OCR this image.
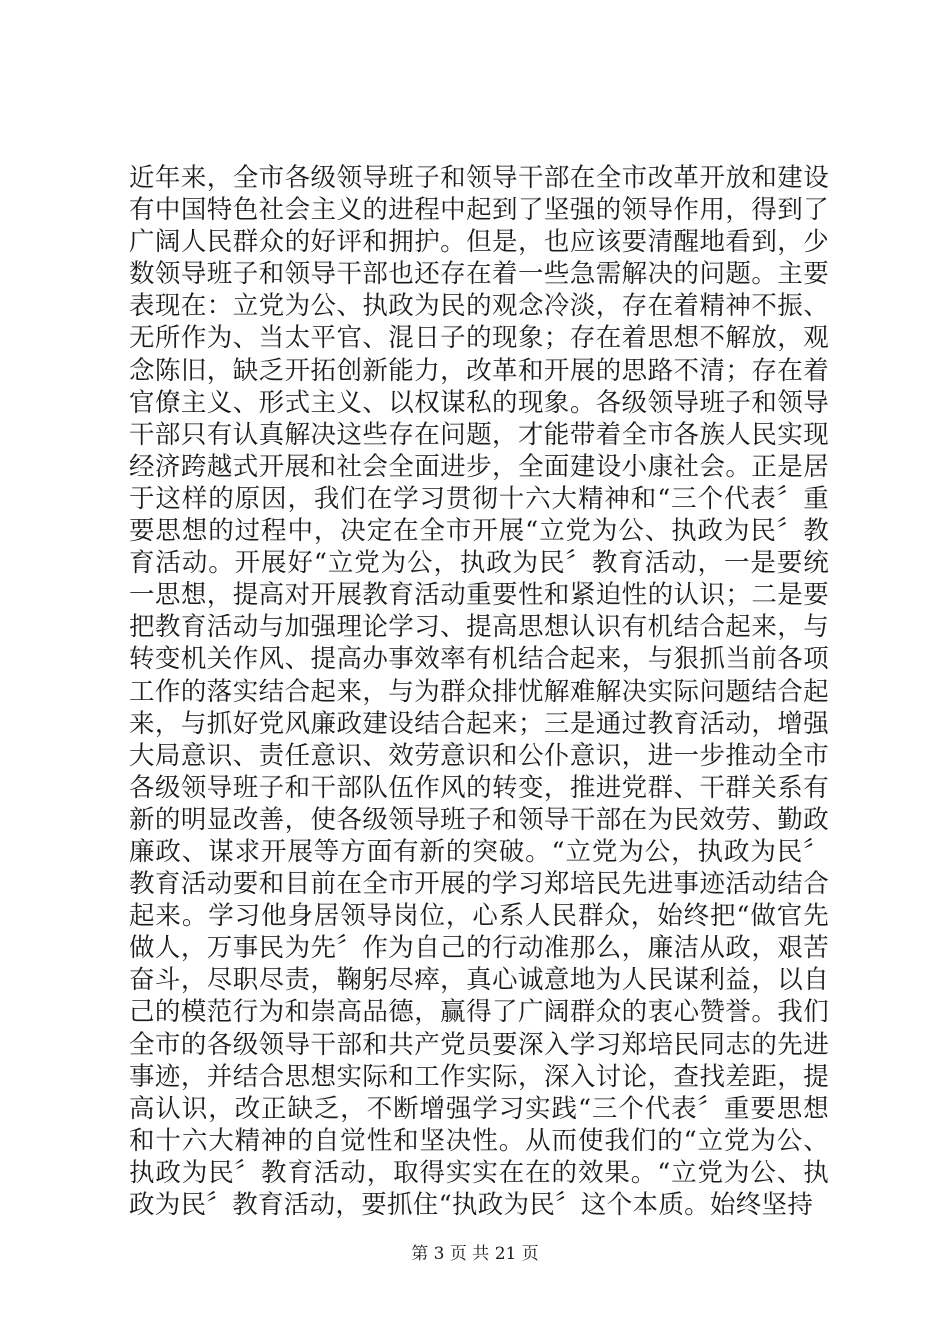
近年来，全市各级领导班子和领导干部在全市改革开放和建设有中国特色社会主义的进程中起到了坚强的领导作用，得到了广阔人民群众的好评和拥护。但是，也应该要清醒地看到，少数领导班子和领导干部也还存在着一些急需解决的问题。主要表现在：立党为公、执政为民的观念冷淡，存在着精神不振、无所作为、当太平官、混日子的现象；存在着思想不解放，观念陈旧，缺乏开拓创新能力，改革和开展的思路不清；存在着官僚主义、形式主义、以权谋私的现象。各级领导班子和领导干部只有认真解决这些存在问题，才能带着全市各族人民实现经济跨越式开展和社会全面进步，全面建设小康社会。正是居于这样的原因，我们在学习贯彻十六大精神和“三个代表〞重要思想的过程中，决定在全市开展“立党为公、执政为民〞教育活动。开展好“立党为公，执政为民〞教育活动，一是要统一思想，提高对开展教育活动重要性和紧迫性的认识；二是要把教育活动与加强理论学习、提高思想认识有机结合起来，与转变机关作风、提高办事效率有机结合起来，与狠抓当前各项工作的落实结合起来，与为群众排忧解难解决实际问题结合起来，与抓好党风廉政建设结合起来；三是通过教育活动，增强大局意识、责任意识、效劳意识和公仆意识，进一步推动全市各级领导班子和干部队伍作风的转变，推进党群、干群关系有新的明显改善，使各级领导班子和领导干部在为民效劳、勤政廉政、谋求开展等方面有新的突破。“立党为公，执政为民〞教育活动要和目前在全市开展的学习郑培民先进事迹活动结合起来。学习他身居领导岗位，心系人民群众，始终把“做官先做人，万事民为先〞作为自己的行动准那么，廉洁从政，艰苦奋斗，尽职尽责，鞠躬尽瘁，真心诚意地为人民谋利益，以自己的模范行为和崇高品德，赢得了广阔群众的衷心赞誉。我们全市的各级领导干部和共产党员要深入学习郑培民同志的先进事迹，并结合思想实际和工作实际，深入讨论，查找差距，提高认识，改正缺乏，不断增强学习实践“三个代表〞重要思想和十六大精神的自觉性和坚决性。从而使我们的“立党为公、执政为民〞教育活动，取得实实在在的效果。“立党为公、执政为民〞教育活动，要抓住“执政为民〞这个本质。始终坚持

第 3 页 共 21 页
